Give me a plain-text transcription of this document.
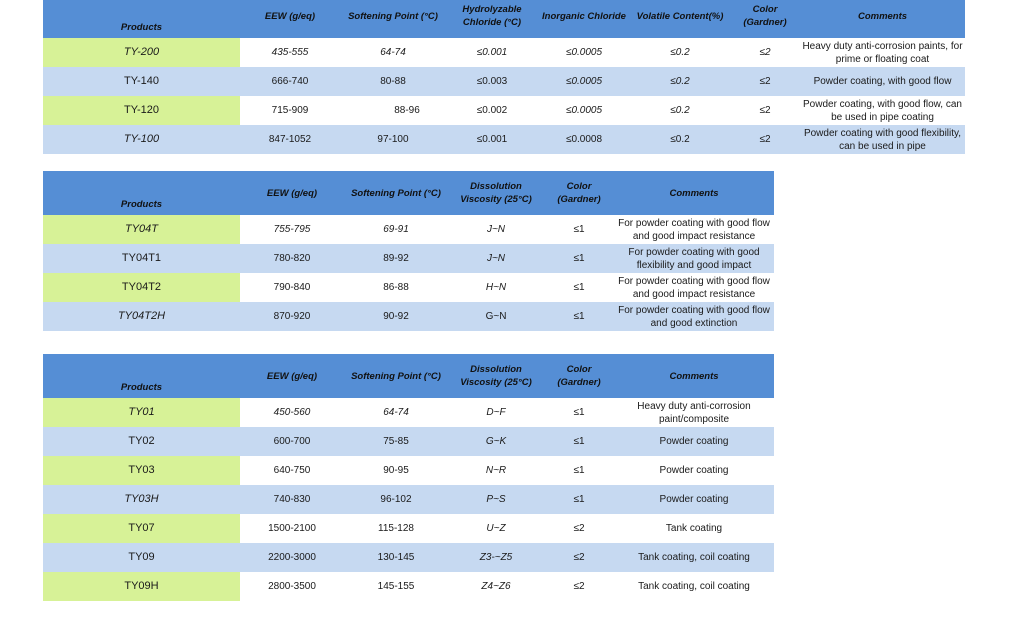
Products	EEW (g/eq)	Softening Point (°C)	Hydrolyzable Chloride (°C)	Inorganic Chloride	Volatile Content(%)	Color (Gardner)	Comments
TY-200	435-555	64-74	≤0.001	≤0.0005	≤0.2	≤2	Heavy duty anti-corrosion paints, for prime or floating coat
TY-140	666-740	80-88	≤0.003	≤0.0005	≤0.2	≤2	Powder coating, with good flow
TY-120	715-909	88-96	≤0.002	≤0.0005	≤0.2	≤2	Powder coating, with good flow, can be used in pipe coating
TY-100	847-1052	97-100	≤0.001	≤0.0008	≤0.2	≤2	Powder coating with good flexibility, can be used in pipe
Products	EEW (g/eq)	Softening Point (°C)	Dissolution Viscosity (25°C)	Color (Gardner)	Comments
TY04T	755-795	69-91	J~N	≤1	For powder coating with good flow and good impact resistance
TY04T1	780-820	89-92	J~N	≤1	For powder coating with good flexibility and good impact
TY04T2	790-840	86-88	H~N	≤1	For powder coating with good flow and good impact resistance
TY04T2H	870-920	90-92	G~N	≤1	For powder coating with good flow and good extinction
Products	EEW (g/eq)	Softening Point (°C)	Dissolution Viscosity (25°C)	Color (Gardner)	Comments
TY01	450-560	64-74	D~F	≤1	Heavy duty anti-corrosion paint/composite
TY02	600-700	75-85	G~K	≤1	Powder coating
TY03	640-750	90-95	N~R	≤1	Powder coating
TY03H	740-830	96-102	P~S	≤1	Powder coating
TY07	1500-2100	115-128	U~Z	≤2	Tank coating
TY09	2200-3000	130-145	Z3-~Z5	≤2	Tank coating, coil coating
TY09H	2800-3500	145-155	Z4~Z6	≤2	Tank coating, coil coating
